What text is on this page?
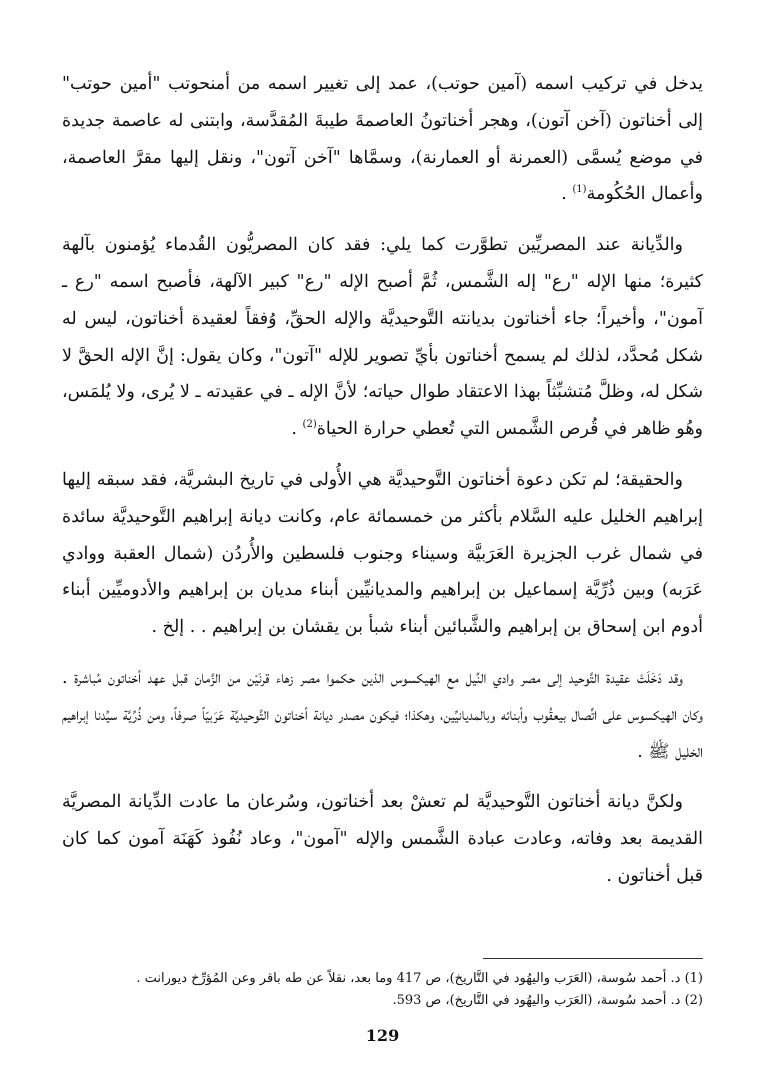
يدخل في تركيب اسمه (آمين حوتب)، عمد إلى تغيير اسمه من أمنحوتب "أمين حوتب" إلى أخناتون (آخن آتون)، وهجر أخناتونُ العاصمةَ طيبةَ المُقدَّسة، وابتنى له عاصمة جديدة في موضع يُسمَّى (العمرنة أو العمارنة)، وسمَّاها "آخن آتون"، ونقل إليها مقرَّ العاصمة، وأعمال الحُكُومة$^{(1)}$ .

والدِّيانة عند المصريِّين تطوَّرت كما يلي: فقد كان المصريُّون القُدماء يُؤمنون بآلهة كثيرة؛ منها الإله "رع" إله الشَّمس، ثُمَّ أصبح الإله "رع" كبير الآلهة، فأصبح اسمه "رع ـ آمون"، وأخيراً؛ جاء أخناتون بديانته التَّوحيديَّة والإله الحقِّ، وُفقاً لعقيدة أخناتون، ليس له شكل مُحدَّد، لذلك لم يسمح أخناتون بأيِّ تصوير للإله "آتون"، وكان يقول: إنَّ الإله الحقَّ لا شكل له، وظلَّ مُتشبِّثاً بهذا الاعتقاد طوال حياته؛ لأنَّ الإله ـ في عقيدته ـ لا يُرى، ولا يُلمَس، وهُو ظاهر في قُرص الشَّمس التي تُعطي حرارة الحياة$^{(2)}$ .

والحقيقة؛ لم تكن دعوة أخناتون التَّوحيديَّة هي الأُولى في تاريخ البشريَّة، فقد سبقه إليها إبراهيم الخليل عليه السَّلام بأكثر من خمسمائة عام، وكانت ديانة إبراهيم التَّوحيديَّة سائدة في شمال غرب الجزيرة العَرَبيَّة وسيناء وجنوب فلسطين والأُردُن (شمال العقبة ووادي عَرَبه) وبين ذُرِّيَّة إسماعيل بن إبراهيم والمديانيِّين أبناء مديان بن إبراهيم والأدوميِّين أبناء أدوم ابن إسحاق بن إبراهيم والشَّبائين أبناء شبأ بن يقشان بن إبراهيم . . إلخ .

وقد دَخَلَتْ عقيدة التَّوحيد إلى مصر وادي النِّيل مع الهيكسوس الذين حكموا مصر زهاء قرنَيْن من الزَّمان قبل عهد أخناتون مُباشرة . وكان الهيكسوس على اتِّصال بيعقُوب وأبنائه وبالمديانيِّين، وهكذا؛ فيكون مصدر ديانة أخناتون التَّوحيديَّة عَرَبيّاً صرفاً، ومن ذُرِّيَّة سيِّدنا إبراهيم الخليل ﷺ .

ولكنَّ ديانة أخناتون التَّوحيديَّة لم تعشْ بعد أخناتون، وسُرعان ما عادت الدِّيانة المصريَّة القديمة بعد وفاته، وعادت عبادة الشَّمس والإله "آمون"، وعاد نُفُوذ كَهَنَة آمون كما كان قبل أخناتون .

(1) د. أحمد سُوسة، (العَرَب واليهُود في التَّاريخ)، ص 417 وما بعد، نقلاً عن طه باقر وعن المُؤرِّخ ديورانت .

(2) د. أحمد سُوسة، (العَرَب واليهُود في التَّاريخ)، ص 593.

129
